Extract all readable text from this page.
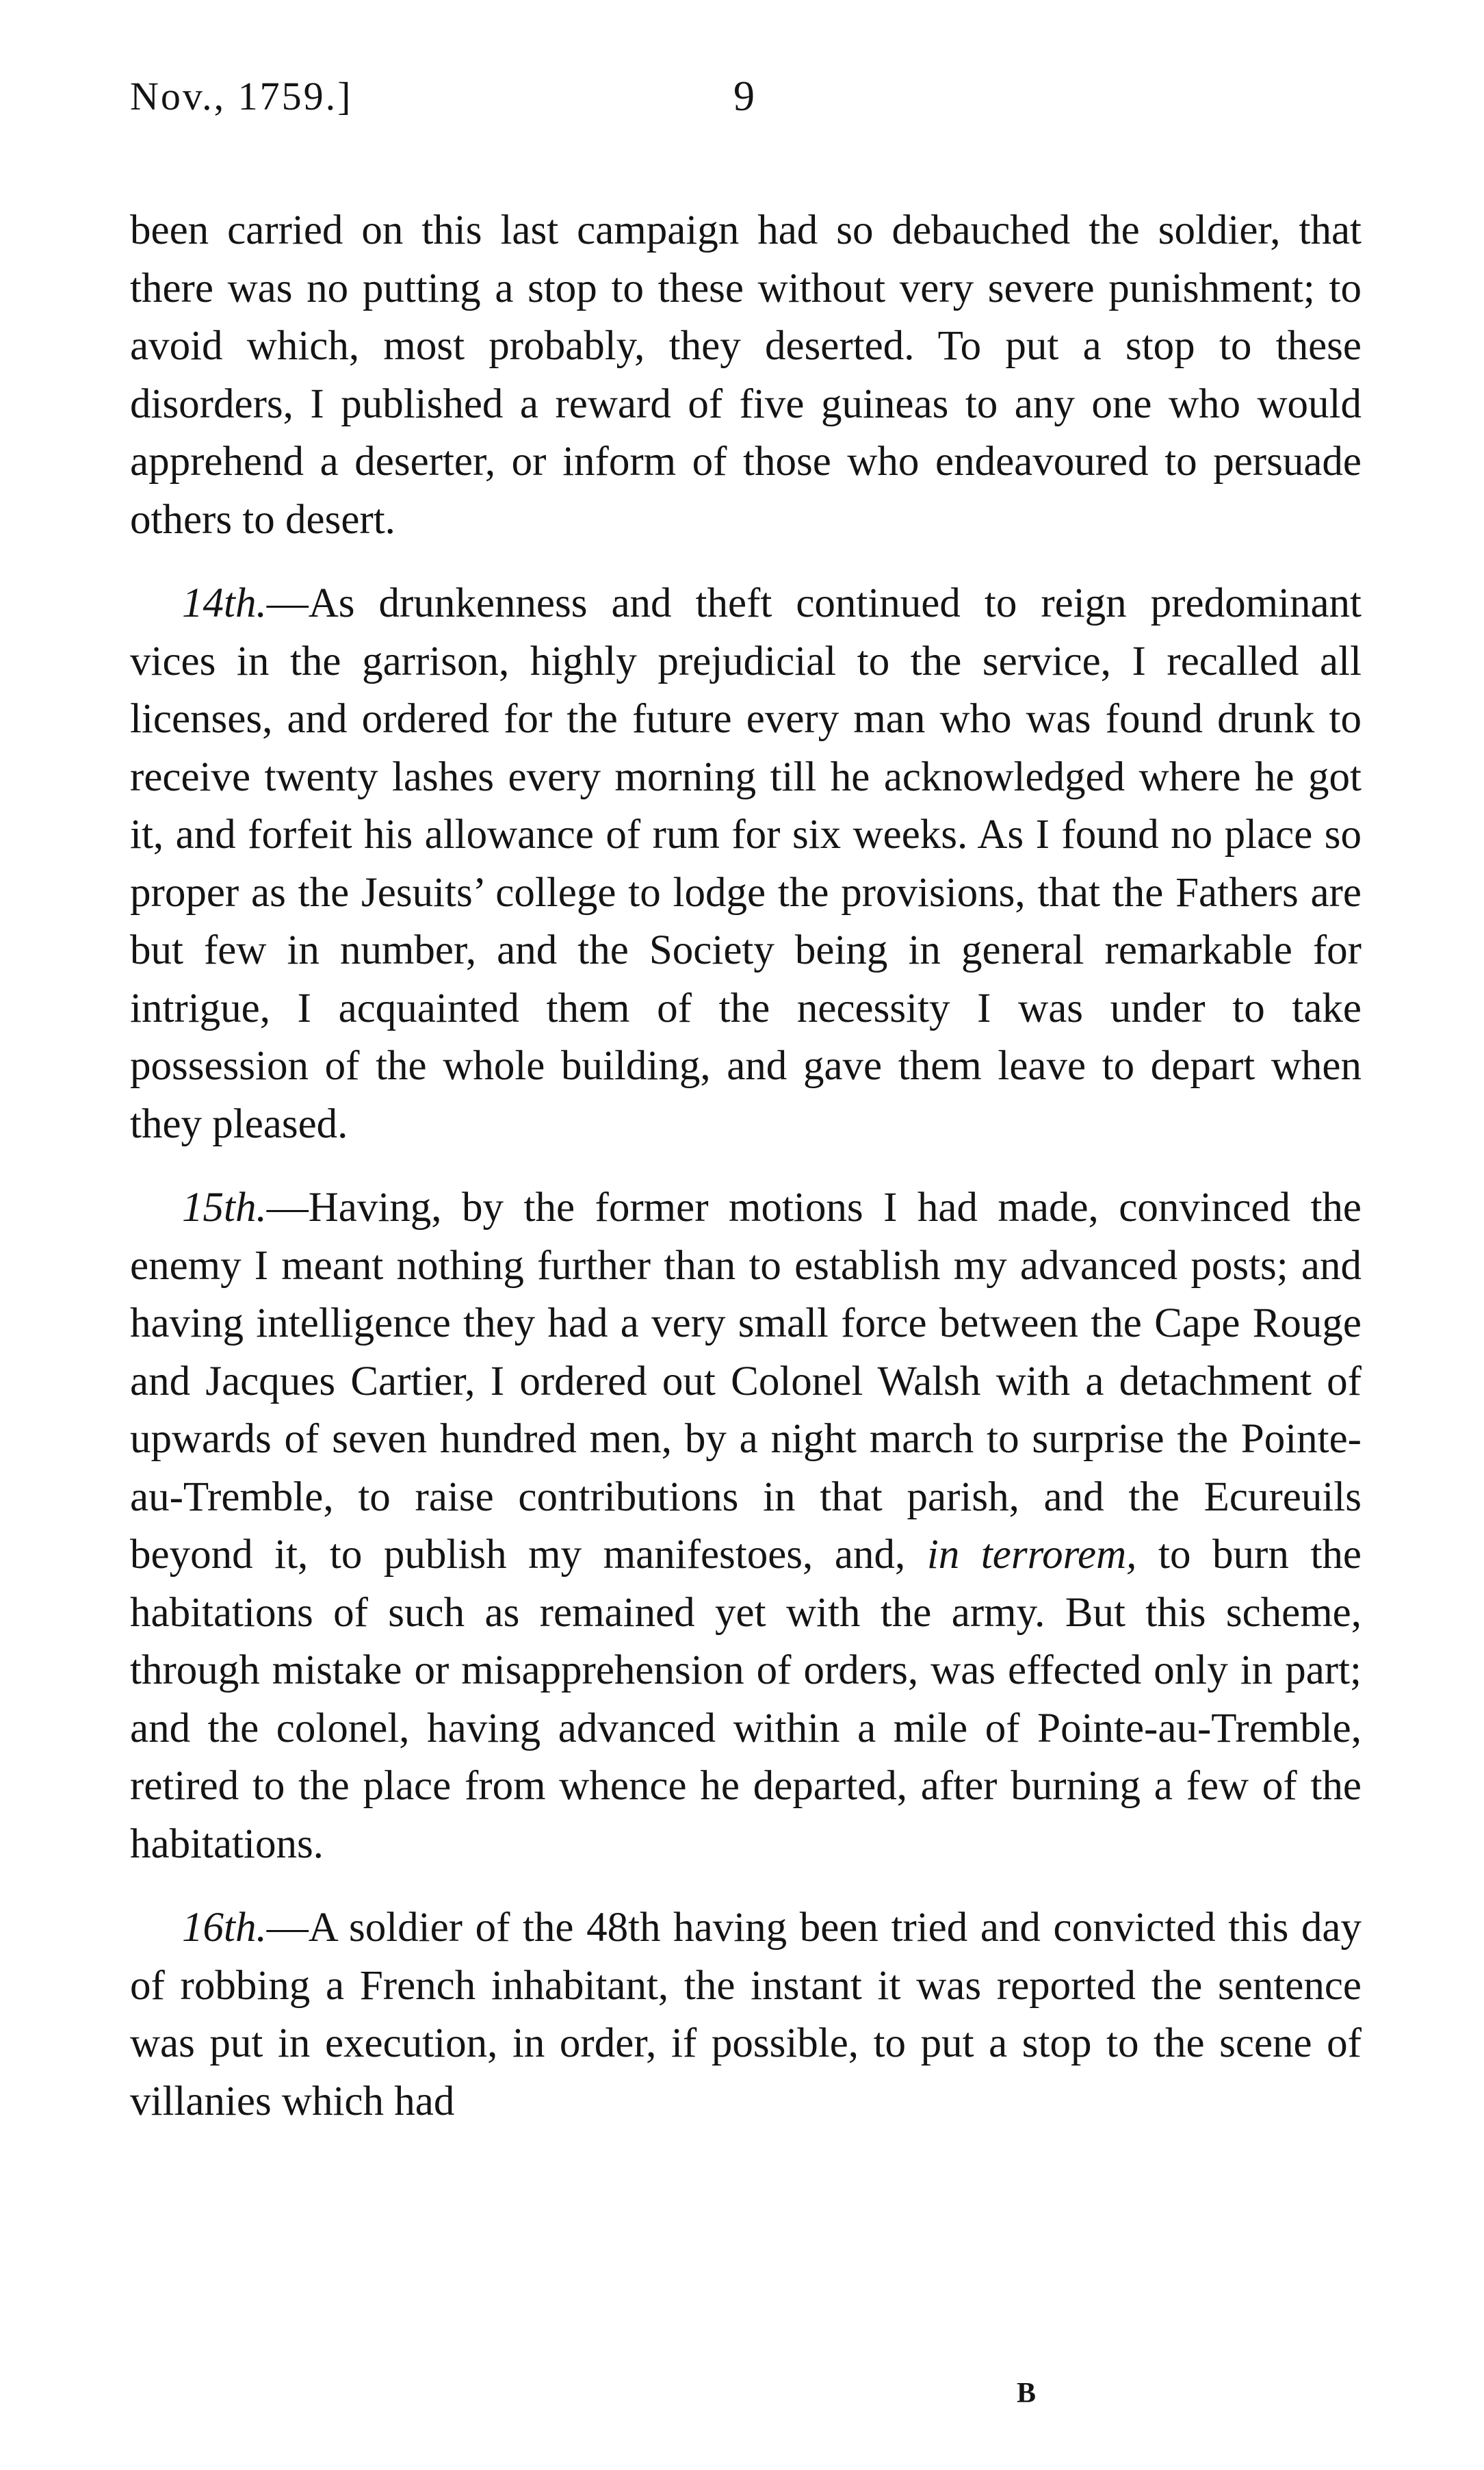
Nov., 1759.]	9

been carried on this last campaign had so debauched the soldier, that there was no putting a stop to these without very severe punishment; to avoid which, most probably, they deserted. To put a stop to these disorders, I published a reward of five guineas to any one who would apprehend a deserter, or inform of those who endeavoured to persuade others to desert.

14th.—As drunkenness and theft continued to reign predominant vices in the garrison, highly prejudicial to the service, I recalled all licenses, and ordered for the future every man who was found drunk to receive twenty lashes every morning till he acknowledged where he got it, and forfeit his allowance of rum for six weeks. As I found no place so proper as the Jesuits’ college to lodge the provisions, that the Fathers are but few in number, and the Society being in general remarkable for intrigue, I acquainted them of the necessity I was under to take possession of the whole building, and gave them leave to depart when they pleased.

15th.—Having, by the former motions I had made, convinced the enemy I meant nothing further than to establish my advanced posts; and having intelligence they had a very small force between the Cape Rouge and Jacques Cartier, I ordered out Colonel Walsh with a detachment of upwards of seven hundred men, by a night march to surprise the Pointe-au-Tremble, to raise contributions in that parish, and the Ecureuils beyond it, to publish my manifestoes, and, in terrorem, to burn the habitations of such as remained yet with the army. But this scheme, through mistake or misapprehension of orders, was effected only in part; and the colonel, having advanced within a mile of Pointe-au-Tremble, retired to the place from whence he departed, after burning a few of the habitations.

16th.—A soldier of the 48th having been tried and convicted this day of robbing a French inhabitant, the instant it was reported the sentence was put in execution, in order, if possible, to put a stop to the scene of villanies which had

B
